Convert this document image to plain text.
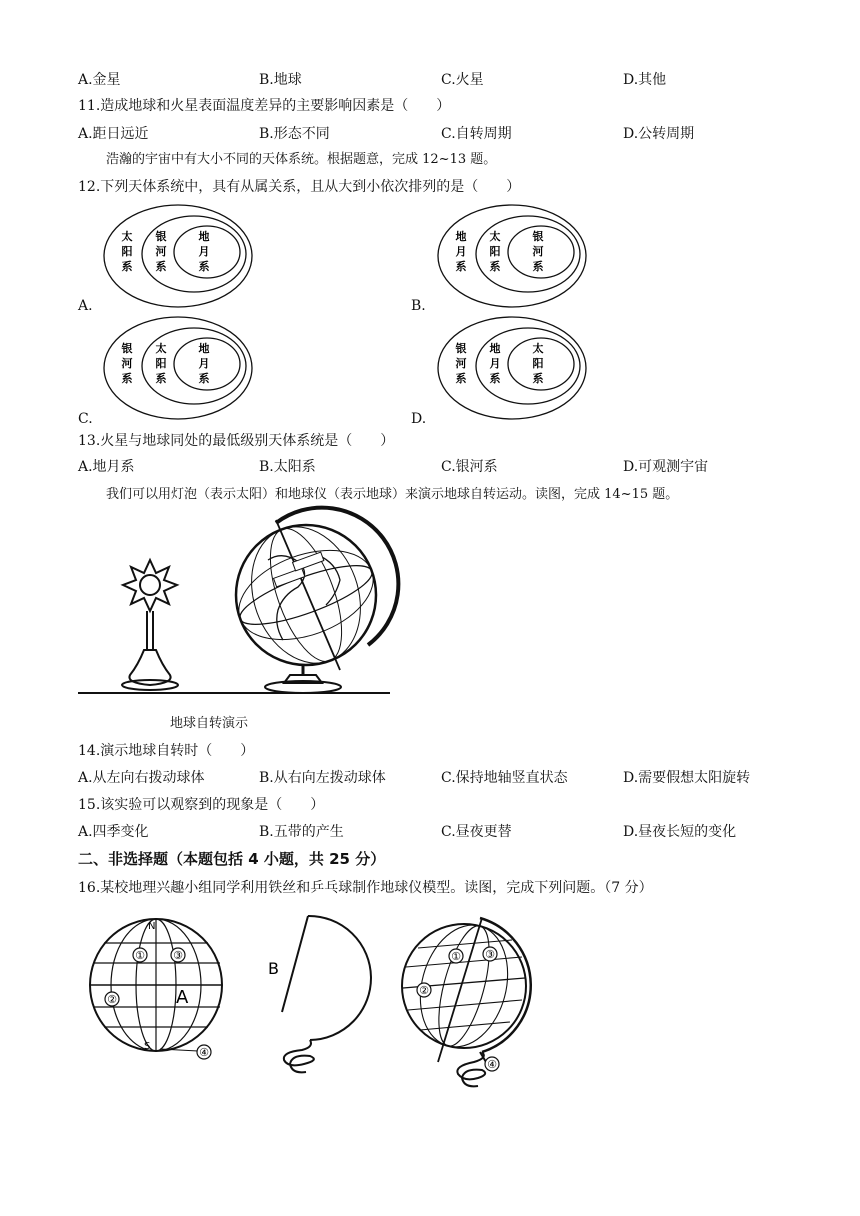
A.金星	B.地球	C.火星	D.其他
11.造成地球和火星表面温度差异的主要影响因素是（　　）
A.距日远近	B.形态不同	C.自转周期	D.公转周期
浩瀚的宇宙中有大小不同的天体系统。根据题意，完成 12~13 题。
12.下列天体系统中，具有从属关系，且从大到小依次排列的是（　　）
A.	B.
C.	D.
13.火星与地球同处的最低级别天体系统是（　　）
A.地月系	B.太阳系	C.银河系	D.可观测宇宙
我们可以用灯泡（表示太阳）和地球仪（表示地球）来演示地球自转运动。读图，完成 14~15 题。
地球自转演示
14.演示地球自转时（　　）
A.从左向右拨动球体	B.从右向左拨动球体	C.保持地轴竖直状态	D.需要假想太阳旋转
15.该实验可以观察到的现象是（　　）
A.四季变化	B.五带的产生	C.昼夜更替	D.昼夜长短的变化
二、非选择题（本题包括 4 小题，共 25 分）
16.某校地理兴趣小组同学利用铁丝和乒乓球制作地球仪模型。读图，完成下列问题。（7 分）
①	③
②	A
N
S	④
B
① ③
②
④
太
阳
系
银
河
系
地
月
系
地
月
系
太
阳
系
银
河
系
银
河
系
太
阳
系
地
月
系
银
河
系
地
月
系
太
阳
系
